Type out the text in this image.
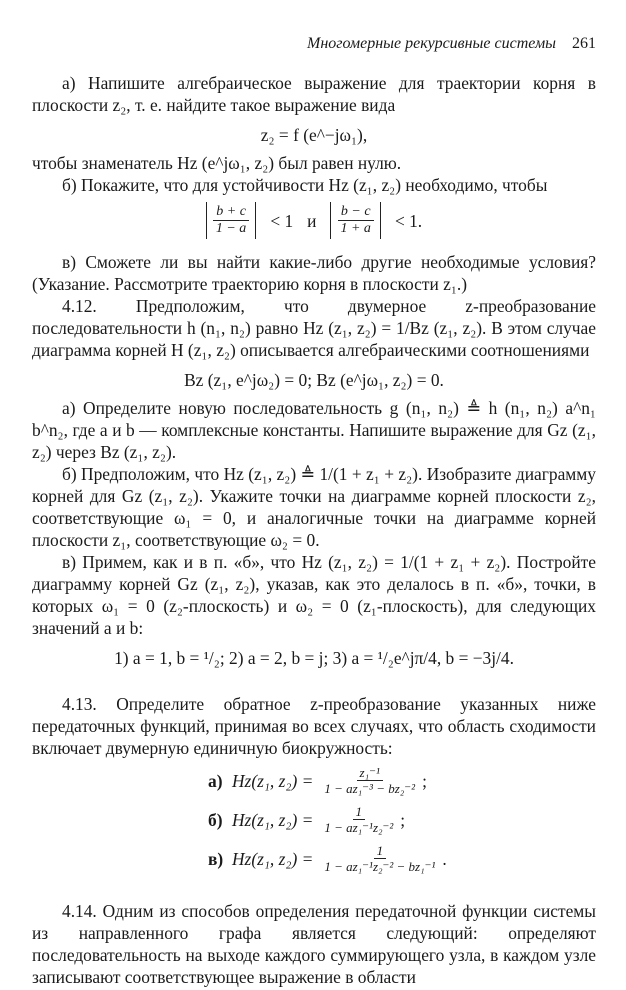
Многомерные рекурсивные системы 261

а) Напишите алгебраическое выражение для траектории корня в плоскости z₂, т. е. найдите такое выражение вида

z₂ = f (e^−jω₁),

чтобы знаменатель Hz (e^jω₁, z₂) был равен нулю.

б) Покажите, что для устойчивости Hz (z₁, z₂) необходимо, чтобы

$\frac{b + c}{1 - a} < 1$ и $\frac{b - c}{1 + a} < 1$.

в) Сможете ли вы найти какие-либо другие необходимые условия? (Указание. Рассмотрите траекторию корня в плоскости z₁.)

4.12. Предположим, что двумерное z-преобразование последовательности h (n₁, n₂) равно Hz (z₁, z₂) = 1/Bz (z₁, z₂). В этом случае диаграмма корней H (z₁, z₂) описывается алгебраическими соотношениями

Bz (z₁, e^jω₂) = 0; Bz (e^jω₁, z₂) = 0.

а) Определите новую последовательность g (n₁, n₂) ≜ h (n₁, n₂) a^n₁ b^n₂, где a и b — комплексные константы. Напишите выражение для Gz (z₁, z₂) через Bz (z₁, z₂).

б) Предположим, что Hz (z₁, z₂) ≜ 1/(1 + z₁ + z₂). Изобразите диаграмму корней для Gz (z₁, z₂). Укажите точки на диаграмме корней плоскости z₂, соответствующие ω₁ = 0, и аналогичные точки на диаграмме корней плоскости z₁, соответствующие ω₂ = 0.

в) Примем, как и в п. «б», что Hz (z₁, z₂) = 1/(1 + z₁ + z₂). Постройте диаграмму корней Gz (z₁, z₂), указав, как это делалось в п. «б», точки, в которых ω₁ = 0 (z₂-плоскость) и ω₂ = 0 (z₁-плоскость), для следующих значений a и b:

1) a = 1, b = ¹/₂; 2) a = 2, b = j; 3) a = ¹/₂e^jπ/4, b = −3j/4.

4.13. Определите обратное z-преобразование указанных ниже передаточных функций, принимая во всех случаях, что область сходимости включает двумерную единичную биокружность:

а) Hz(z₁, $z_2) = \frac{\text{z₁⁻¹}}{\text{1 − az₁⁻³ − bz₂⁻²}}$ ;
б) Hz(z₁, $z_2) = \frac{1}{\text{1 − az₁⁻¹z₂⁻²}}$ ;
в) Hz(z₁, $z_2) = \frac{1}{\text{1 − az₁⁻¹z₂⁻² − bz₁⁻¹}}$ .

4.14. Одним из способов определения передаточной функции системы из направленного графа является следующий: определяют последовательность на выходе каждого суммирующего узла, в каждом узле записывают соответствующее выражение в области
